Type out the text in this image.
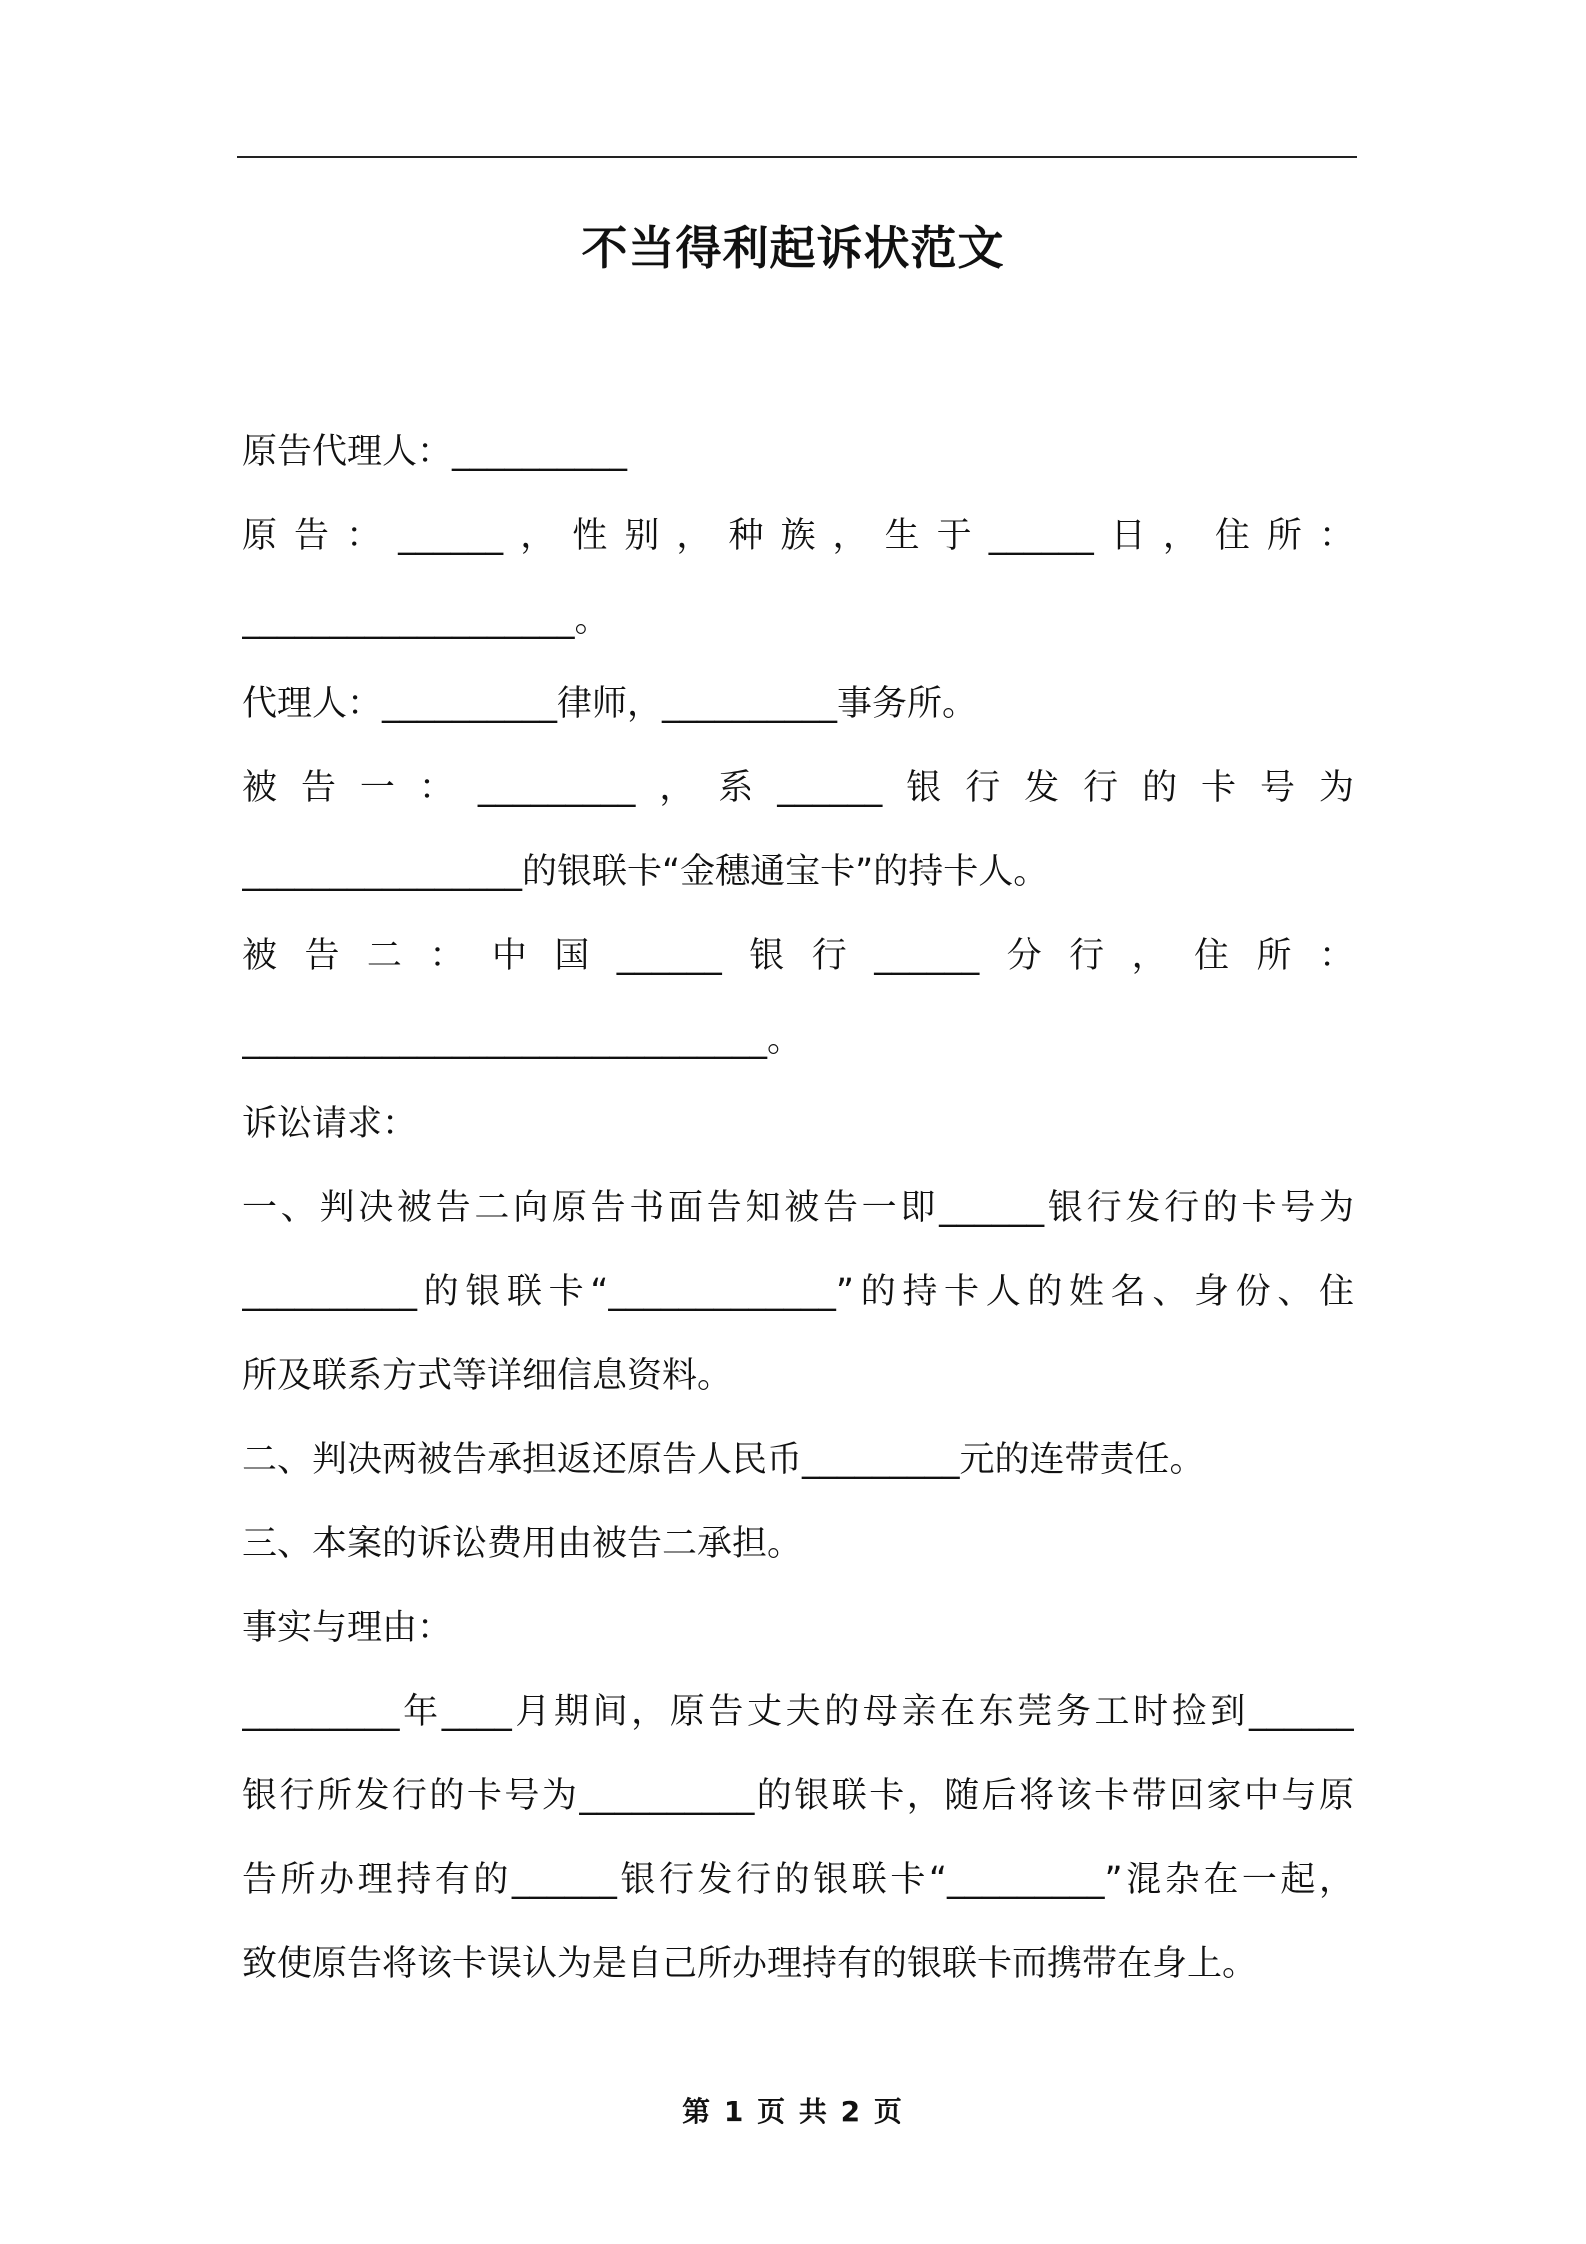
不当得利起诉状范文
原告代理人：__________
原告：______，性别，种族，生于______日，住所：
___________________。
代理人：__________律师，__________事务所。
被告一：_________，系______银行发行的卡号为
________________的银联卡“金穗通宝卡”的持卡人。
被告二：中国______银行______分行，住所：
______________________________。
诉讼请求：
一、判决被告二向原告书面告知被告一即______银行发行的卡号为
__________的银联卡“_____________”的持卡人的姓名、身份、住
所及联系方式等详细信息资料。
二、判决两被告承担返还原告人民币_________元的连带责任。
三、本案的诉讼费用由被告二承担。
事实与理由：
_________年____月期间，原告丈夫的母亲在东莞务工时捡到______
银行所发行的卡号为__________的银联卡，随后将该卡带回家中与原
告所办理持有的______银行发行的银联卡“_________”混杂在一起，
致使原告将该卡误认为是自己所办理持有的银联卡而携带在身上。
第 1 页 共 2 页
